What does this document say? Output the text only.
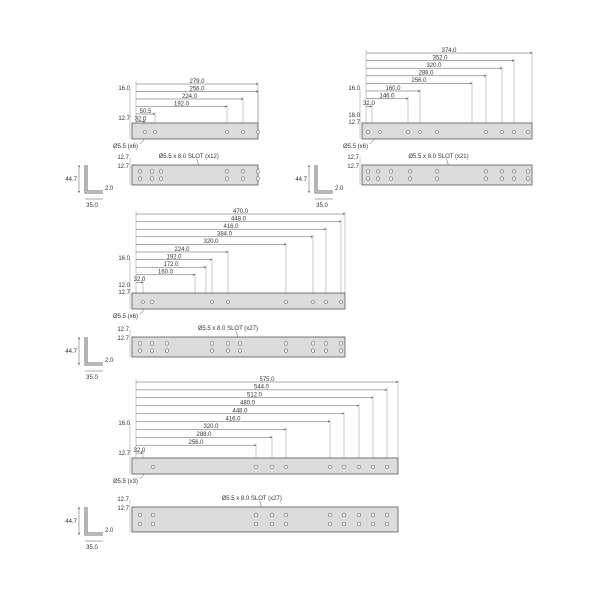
279.0
256.0
224.0
192.0
50.5
32.0
16.0
12.7
Ø5.5 (x6)
Ø5.5 x 8.0 SLOT (x12)
12.7
12.7
44.7
2.0
35.0
374.0
352.0
320.0
288.0
256.0
160.0
146.0
32.0
16.0
18.0
12.7
Ø5.5 (x6)
Ø5.5 x 8.0 SLOT (x21)
12.7
12.7
44.7
2.0
35.0
470.0
448.0
416.0
384.0
320.0
224.0
192.0
172.0
160.0
32.0
16.0
12.0
12.7
Ø5.5 (x6)
Ø5.5 x 8.0 SLOT (x27)
12.7
12.7
44.7
2.0
35.0	575.0
544.0
512.0
480.0
448.0
416.0
320.0
288.0
256.0
32.0
16.0
12.7
Ø5.5 (x3)
Ø5.5 x 8.0 SLOT (x27)
12.7
12.7
44.7
2.0
35.0
